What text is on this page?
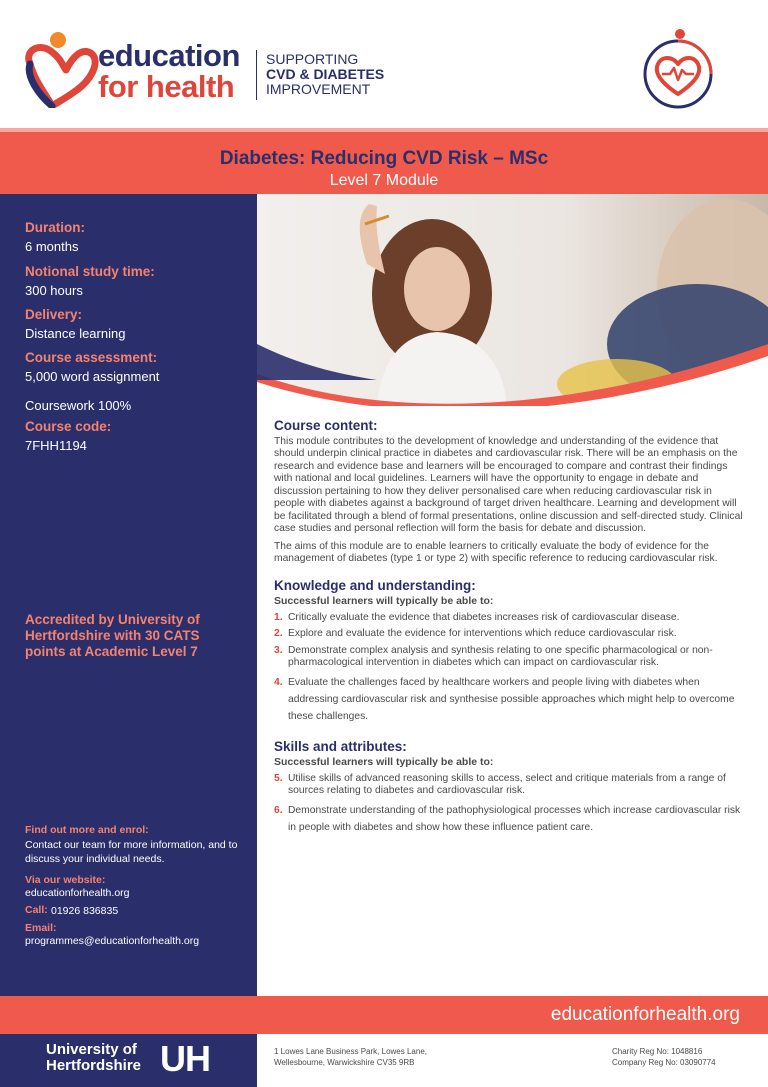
education
for health
SUPPORTING
CVD & DIABETES
IMPROVEMENT
Diabetes: Reducing CVD Risk – MSc
Level 7 Module
Duration:
6 months
Notional study time:
300 hours
Delivery:
Distance learning
Course assessment:
5,000 word assignment
Coursework 100%
Course code:
7FHH1194
Accredited by University of Hertfordshire with 30 CATS points at Academic Level 7
Find out more and enrol:
Contact our team for more information, and to discuss your individual needs.
Via our website:
educationforhealth.org
Call: 01926 836835
Email:
programmes@educationforhealth.org
Course content:
This module contributes to the development of knowledge and understanding of the evidence that should underpin clinical practice in diabetes and cardiovascular risk. There will be an emphasis on the research and evidence base and learners will be encouraged to compare and contrast their findings with national and local guidelines. Learners will have the opportunity to engage in debate and discussion pertaining to how they deliver personalised care when reducing cardiovascular risk in people with diabetes against a background of target driven healthcare. Learning and development will be facilitated through a blend of formal presentations, online discussion and self-directed study. Clinical case studies and personal reflection will form the basis for debate and discussion.
The aims of this module are to enable learners to critically evaluate the body of evidence for the management of diabetes (type 1 or type 2) with specific reference to reducing cardiovascular risk.
Knowledge and understanding:
Successful learners will typically be able to:
1. Critically evaluate the evidence that diabetes increases risk of cardiovascular disease.
2. Explore and evaluate the evidence for interventions which reduce cardiovascular risk.
3. Demonstrate complex analysis and synthesis relating to one specific pharmacological or non-pharmacological intervention in diabetes which can impact on cardiovascular risk.
4. Evaluate the challenges faced by healthcare workers and people living with diabetes when addressing cardiovascular risk and synthesise possible approaches which might help to overcome these challenges.
Skills and attributes:
Successful learners will typically be able to:
5. Utilise skills of advanced reasoning skills to access, select and critique materials from a range of sources relating to diabetes and cardiovascular risk.
6. Demonstrate understanding of the pathophysiological processes which increase cardiovascular risk in people with diabetes and show how these influence patient care.
educationforhealth.org
University of
Hertfordshire UH	1 Lowes Lane Business Park, Lowes Lane,
Wellesbourne, Warwickshire CV35 9RB
Charity Reg No: 1048816
Company Reg No: 03090774
